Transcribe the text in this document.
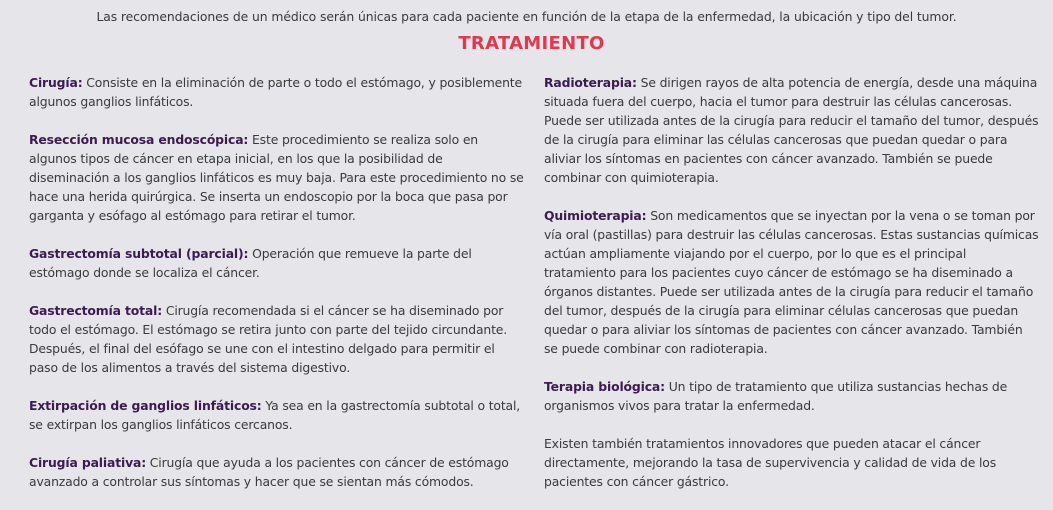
Las recomendaciones de un médico serán únicas para cada paciente en función de la etapa de la enfermedad, la ubicación y tipo del tumor.
TRATAMIENTO

Cirugía: Consiste en la eliminación de parte o todo el estómago, y posiblemente algunos ganglios linfáticos.

Resección mucosa endoscópica: Este procedimiento se realiza solo en algunos tipos de cáncer en etapa inicial, en los que la posibilidad de diseminación a los ganglios linfáticos es muy baja. Para este procedimiento no se hace una herida quirúrgica. Se inserta un endoscopio por la boca que pasa por garganta y esófago al estómago para retirar el tumor.

Gastrectomía subtotal (parcial): Operación que remueve la parte del estómago donde se localiza el cáncer.

Gastrectomía total: Cirugía recomendada si el cáncer se ha diseminado por todo el estómago. El estómago se retira junto con parte del tejido circundante. Después, el final del esófago se une con el intestino delgado para permitir el paso de los alimentos a través del sistema digestivo.

Extirpación de ganglios linfáticos: Ya sea en la gastrectomía subtotal o total, se extirpan los ganglios linfáticos cercanos.

Cirugía paliativa: Cirugía que ayuda a los pacientes con cáncer de estómago avanzado a controlar sus síntomas y hacer que se sientan más cómodos.

Radioterapia: Se dirigen rayos de alta potencia de energía, desde una máquina situada fuera del cuerpo, hacia el tumor para destruir las células cancerosas. Puede ser utilizada antes de la cirugía para reducir el tamaño del tumor, después de la cirugía para eliminar las células cancerosas que puedan quedar o para aliviar los síntomas en pacientes con cáncer avanzado. También se puede combinar con quimioterapia.

Quimioterapia: Son medicamentos que se inyectan por la vena o se toman por vía oral (pastillas) para destruir las células cancerosas. Estas sustancias químicas actúan ampliamente viajando por el cuerpo, por lo que es el principal tratamiento para los pacientes cuyo cáncer de estómago se ha diseminado a órganos distantes. Puede ser utilizada antes de la cirugía para reducir el tamaño del tumor, después de la cirugía para eliminar células cancerosas que puedan quedar o para aliviar los síntomas de pacientes con cáncer avanzado. También se puede combinar con radioterapia.

Terapia biológica: Un tipo de tratamiento que utiliza sustancias hechas de organismos vivos para tratar la enfermedad.

Existen también tratamientos innovadores que pueden atacar el cáncer directamente, mejorando la tasa de supervivencia y calidad de vida de los pacientes con cáncer gástrico.
